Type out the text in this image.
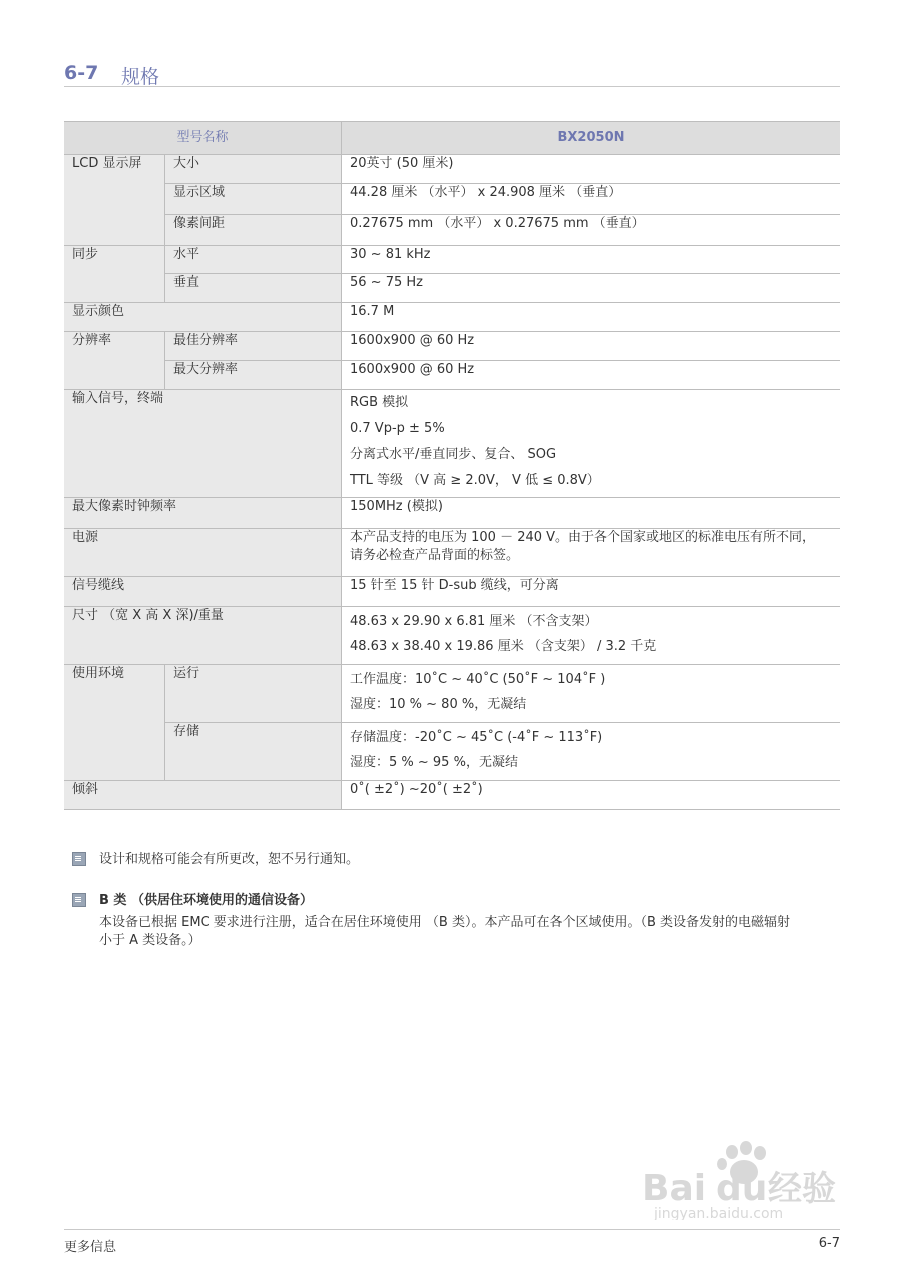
6-7 规格
型号名称		BX2050N
LCD 显示屏	大小	20英寸 (50 厘米)
	显示区域	44.28 厘米 （水平） x 24.908 厘米 （垂直）
	像素间距	0.27675 mm （水平） x 0.27675 mm （垂直）
同步	水平	30 ~ 81 kHz
	垂直	56 ~ 75 Hz
显示颜色		16.7 M
分辨率	最佳分辨率	1600x900 @ 60 Hz
	最大分辨率	1600x900 @ 60 Hz
输入信号，终端		RGB 模拟
0.7 Vp-p ± 5%
分离式水平/垂直同步、复合、 SOG
TTL 等级 （V 高 ≥ 2.0V， V 低 ≤ 0.8V）

最大像素时钟频率		150MHz (模拟)
电源		本产品支持的电压为 100 － 240 V。由于各个国家或地区的标准电压有所不同，
请务必检查产品背面的标签。

信号缆线		15 针至 15 针 D-sub 缆线，可分离
尺寸 （宽 X 高 X 深)/重量		48.63 x 29.90 x 6.81 厘米 （不含支架）
48.63 x 38.40 x 19.86 厘米 （含支架） / 3.2 千克

使用环境	运行	工作温度：10˚C ~ 40˚C (50˚F ~ 104˚F )
湿度：10 % ~ 80 %，无凝结

	存储	存储温度：-20˚C ~ 45˚C (-4˚F ~ 113˚F)
湿度：5 % ~ 95 %，无凝结

倾斜		0˚( ±2˚) ~20˚( ±2˚)
设计和规格可能会有所更改，恕不另行通知。
B 类 （供居住环境使用的通信设备）
本设备已根据 EMC 要求进行注册，适合在居住环境使用 （B 类）。本产品可在各个区域使用。（B 类设备发射的电磁辐射
小于 A 类设备。）
Bai du 经验
jingyan.baidu.com
更多信息	6-7
